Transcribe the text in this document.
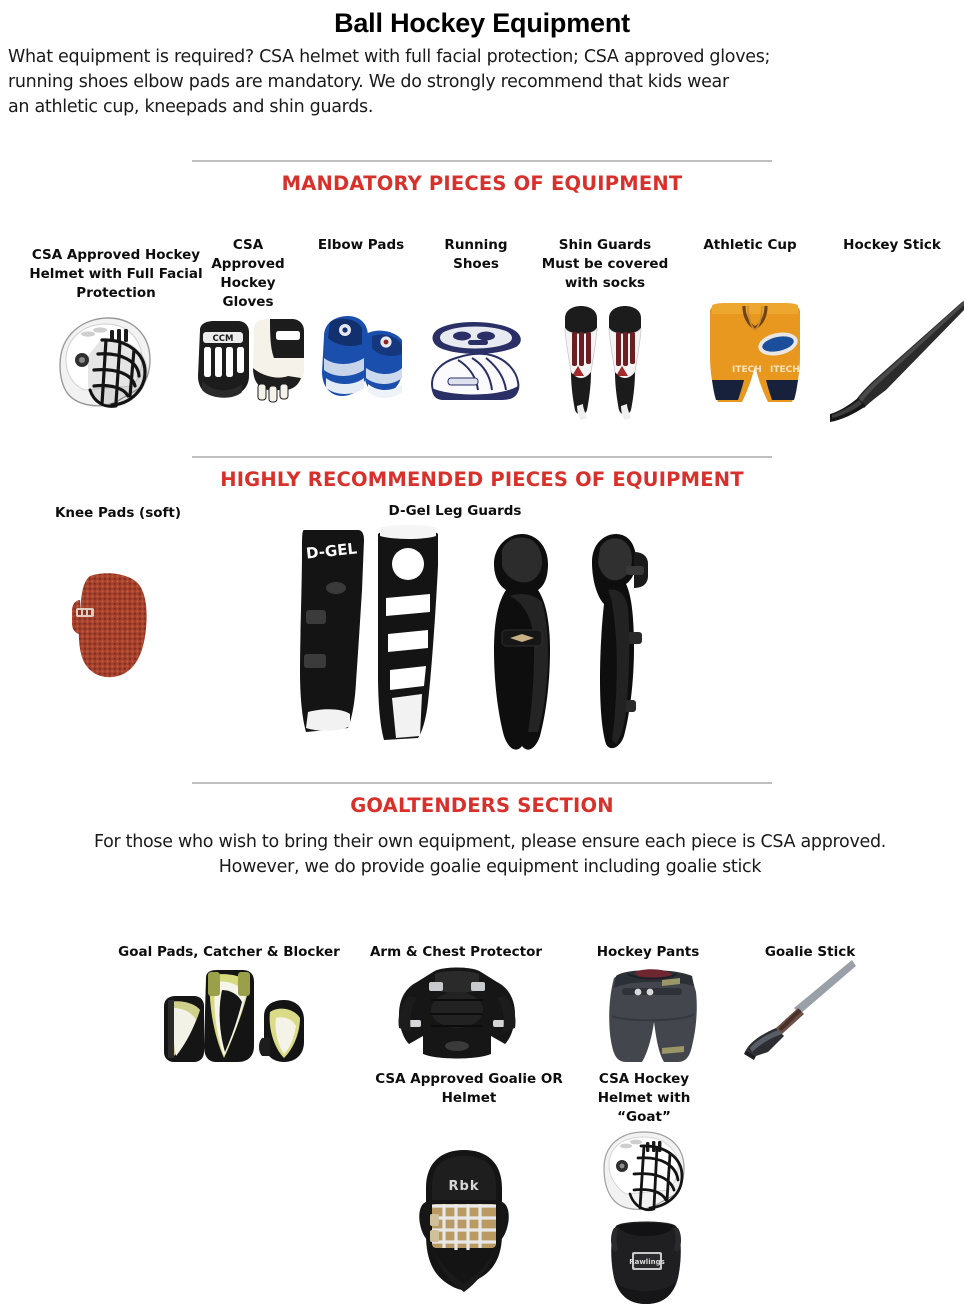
Ball Hockey Equipment
What equipment is required? CSA helmet with full facial protection; CSA approved gloves;
running shoes elbow pads are mandatory. We do strongly recommend that kids wear
an athletic cup, kneepads and shin guards.
MANDATORY PIECES OF EQUIPMENT
CSA Approved Hockey Helmet with Full Facial Protection
CSA Approved Hockey Gloves
Elbow Pads	Running Shoes
Shin Guards
Must be covered with socks
Athletic Cup	Hockey Stick
CCM
ITECH ITECH
HIGHLY RECOMMENDED PIECES OF EQUIPMENT
Knee Pads (soft)	D-Gel Leg Guards
D-GEL
GOALTENDERS SECTION
For those who wish to bring their own equipment, please ensure each piece is CSA approved.
However, we do provide goalie equipment including goalie stick
Goal Pads, Catcher & Blocker	Arm & Chest Protector	Hockey Pants	Goalie Stick
CSA Approved Goalie OR Helmet
CSA Hockey Helmet with “Goat”
Rbk
Rawlings
